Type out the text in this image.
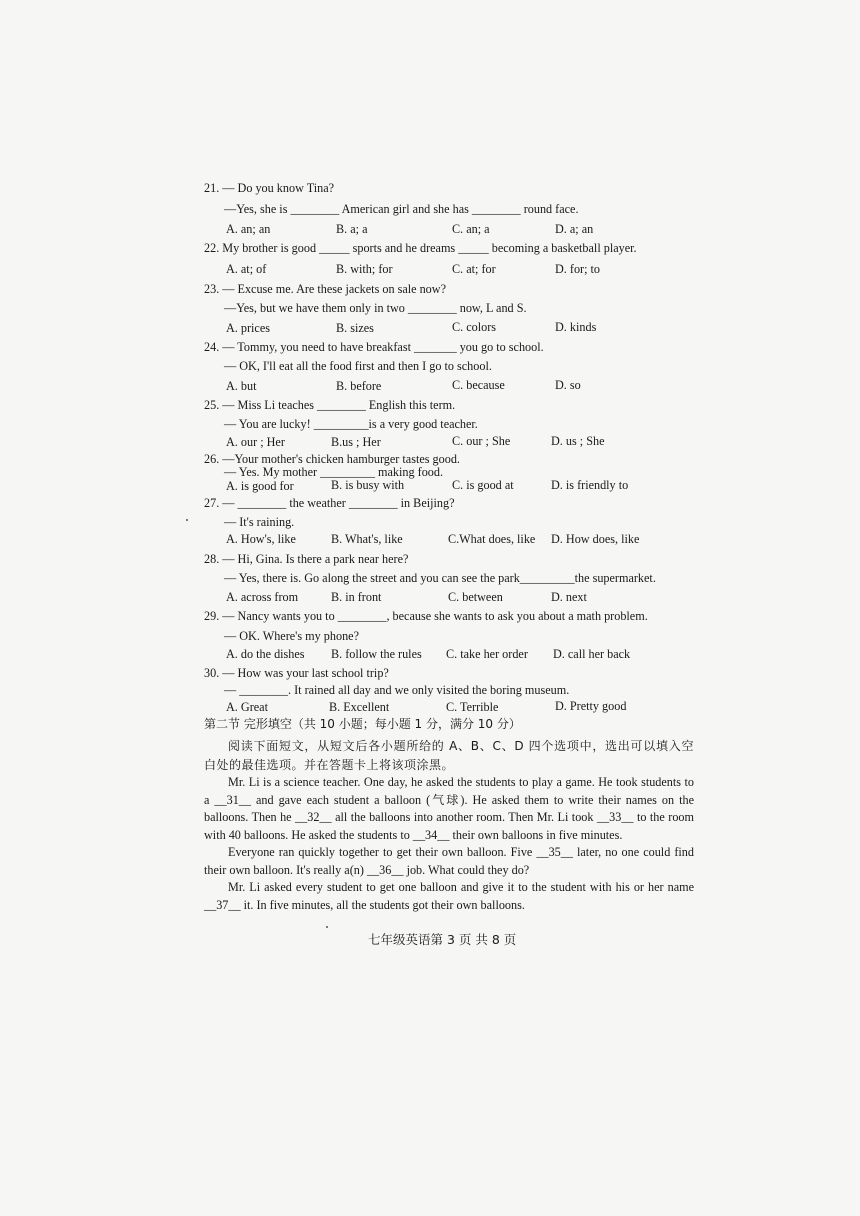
21. — Do you know Tina?
—Yes, she is ________ American girl and she has ________ round face.
A. an; an	B. a; a	C. an; a	D. a; an
22. My brother is good _____ sports and he dreams _____ becoming a basketball player.
A. at; of	B. with; for	C. at; for	D. for; to
23. — Excuse me. Are these jackets on sale now?
—Yes, but we have them only in two ________ now, L and S.
A. prices	B. sizes	C. colors	D. kinds
24. — Tommy, you need to have breakfast _______ you go to school.
— OK, I'll eat all the food first and then I go to school.
A. but	B. before	C. because	D. so
25. — Miss Li teaches ________ English this term.
— You are lucky! _________is a very good teacher.
A. our ; Her	B.us ; Her	C. our ; She	D. us ; She
26. —Your mother's chicken hamburger tastes good.
— Yes. My mother _________ making food.
A. is good for	B. is busy with	C. is good at	D. is friendly to
27. — ________ the weather ________ in Beijing?
— It's raining.
A. How's, like	B. What's, like	C.What does, like D. How does, like
28. — Hi, Gina. Is there a park near here?
— Yes, there is. Go along the street and you can see the park_________the supermarket.
A. across from	B. in front	C. between	D. next
29. — Nancy wants you to ________, because she wants to ask you about a math problem.
— OK. Where's my phone?
A. do the dishes B. follow the rules C. take her order D. call her back
30. — How was your last school trip?
— ________. It rained all day and we only visited the boring museum.
A. Great	B. Excellent	C. Terrible	D. Pretty good
第二节 完形填空（共 10 小题；每小题 1 分，满分 10 分）
阅读下面短文，从短文后各小题所给的 A、B、C、D 四个选项中，选出可以填入空白处的最佳选项。并在答题卡上将该项涂黑。
Mr. Li is a science teacher. One day, he asked the students to play a game. He took students to a __31__ and gave each student a balloon (气球). He asked them to write their names on the balloons. Then he __32__ all the balloons into another room. Then Mr. Li took __33__ to the room with 40 balloons. He asked the students to __34__ their own balloons in five minutes.
Everyone ran quickly together to get their own balloon. Five __35__ later, no one could find their own balloon. It's really a(n) __36__ job. What could they do?
Mr. Li asked every student to get one balloon and give it to the student with his or her name __37__ it. In five minutes, all the students got their own balloons.
七年级英语第 3 页 共 8 页
